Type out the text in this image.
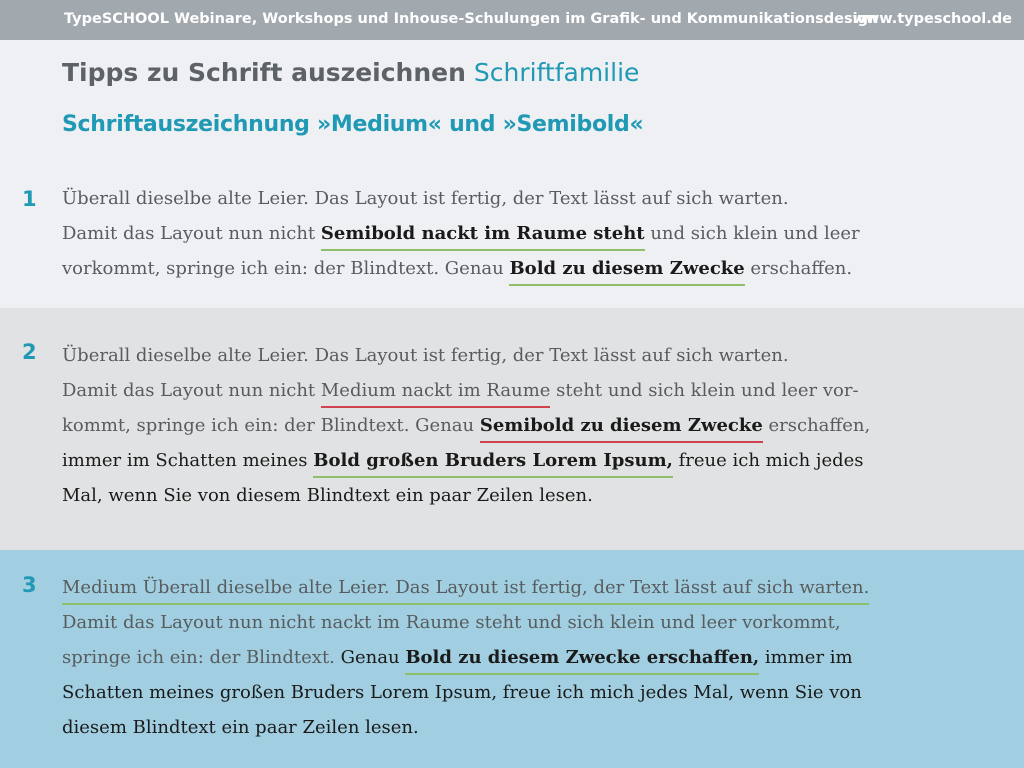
TypeSCHOOL Webinare, Workshops und Inhouse-Schulungen im Grafik- und Kommunikationsdesign
www.typeschool.de
Tipps zu Schrift auszeichnen Schriftfamilie
Schriftauszeichnung »Medium« und »Semibold«
1 Überall dieselbe alte Leier. Das Layout ist fertig, der Text lässt auf sich warten.
Damit das Layout nun nicht Semibold nackt im Raume steht und sich klein und leer
vorkommt, springe ich ein: der Blindtext. Genau Bold zu diesem Zwecke erschaffen.
2 Überall dieselbe alte Leier. Das Layout ist fertig, der Text lässt auf sich warten.
Damit das Layout nun nicht Medium nackt im Raume steht und sich klein und leer vor-
kommt, springe ich ein: der Blindtext. Genau Semibold zu diesem Zwecke erschaffen,
immer im Schatten meines Bold großen Bruders Lorem Ipsum, freue ich mich jedes
Mal, wenn Sie von diesem Blindtext ein paar Zeilen lesen.
3 Medium Überall dieselbe alte Leier. Das Layout ist fertig, der Text lässt auf sich warten.
Damit das Layout nun nicht nackt im Raume steht und sich klein und leer vorkommt,
springe ich ein: der Blindtext. Genau Bold zu diesem Zwecke erschaffen, immer im
Schatten meines großen Bruders Lorem Ipsum, freue ich mich jedes Mal, wenn Sie von
diesem Blindtext ein paar Zeilen lesen.
